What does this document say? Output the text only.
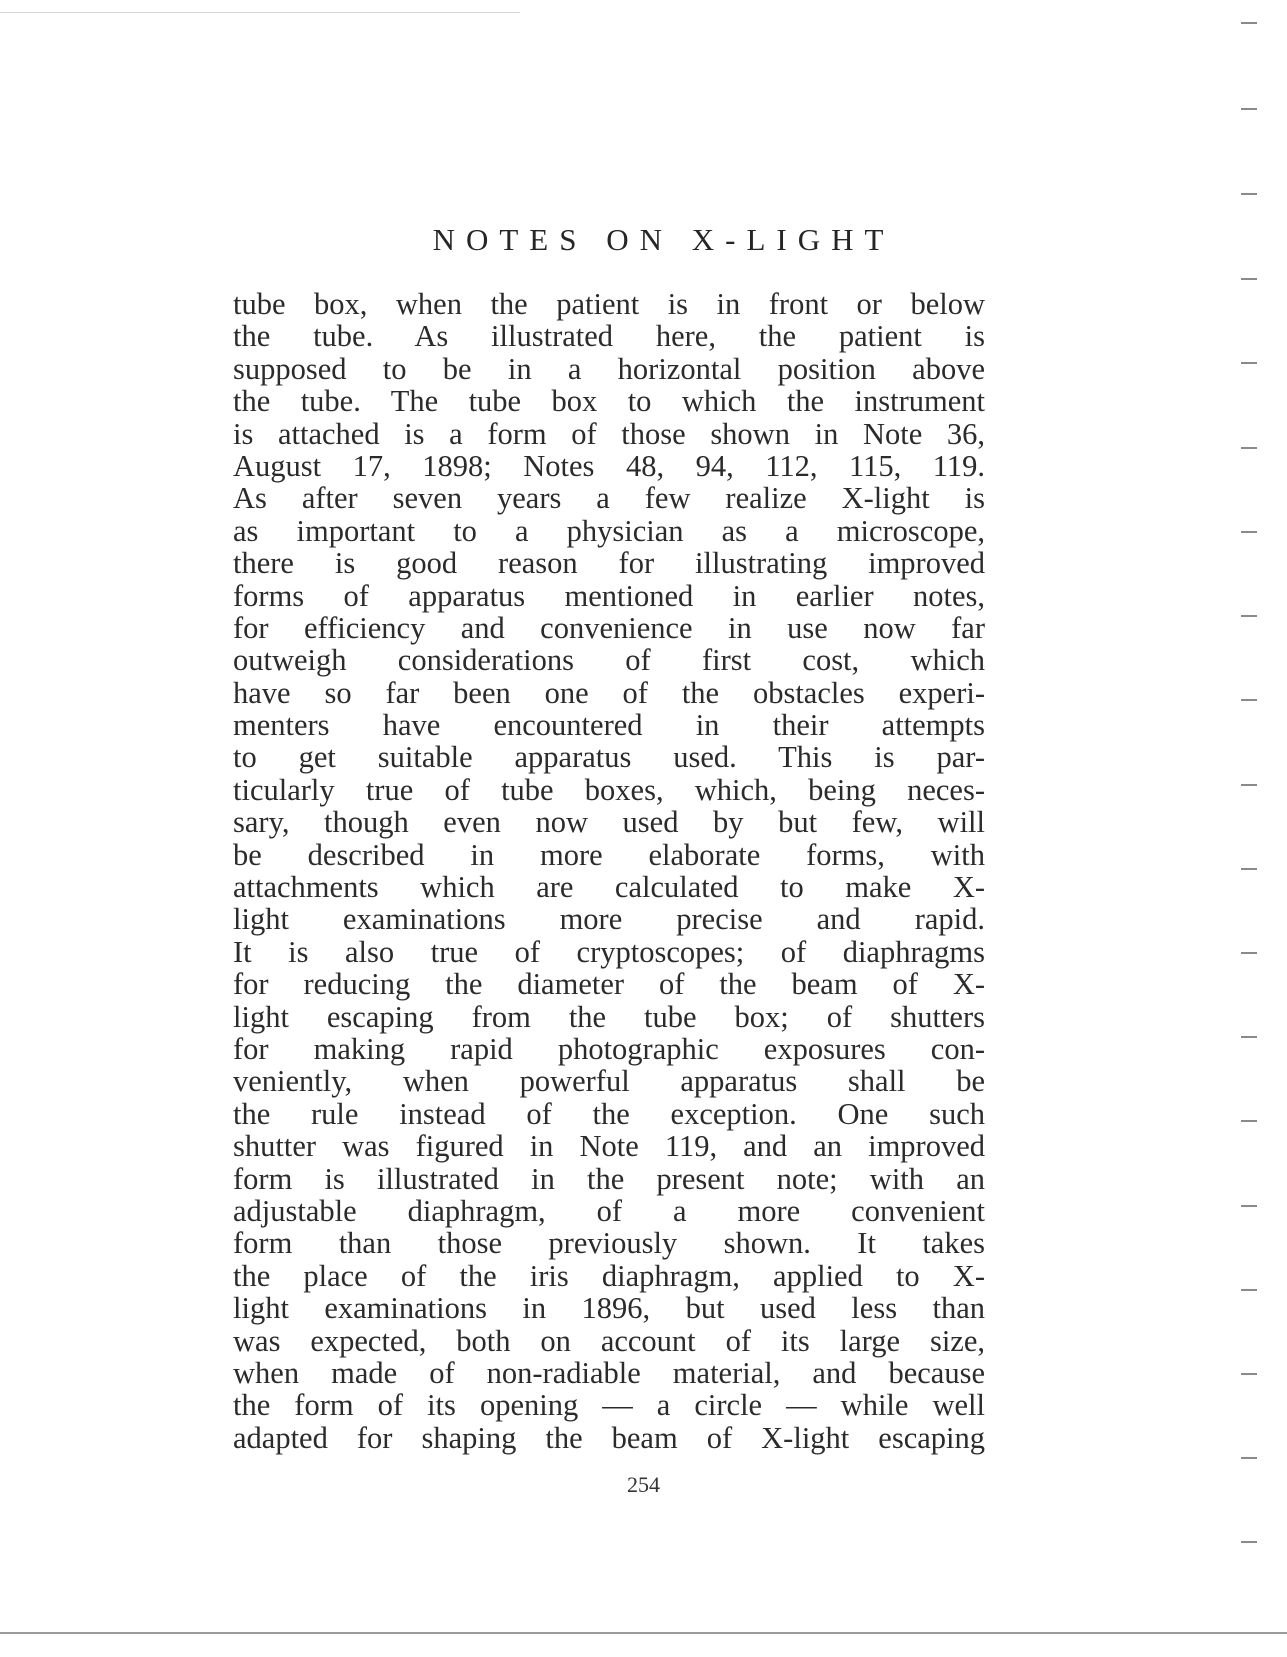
NOTES ON X-LIGHT
tube box, when the patient is in front or below
the tube. As illustrated here, the patient is
supposed to be in a horizontal position above
the tube. The tube box to which the instrument
is attached is a form of those shown in Note 36,
August 17, 1898; Notes 48, 94, 112, 115, 119.
As after seven years a few realize X-light is
as important to a physician as a microscope,
there is good reason for illustrating improved
forms of apparatus mentioned in earlier notes,
for efficiency and convenience in use now far
outweigh considerations of first cost, which
have so far been one of the obstacles experi-
menters have encountered in their attempts
to get suitable apparatus used. This is par-
ticularly true of tube boxes, which, being neces-
sary, though even now used by but few, will
be described in more elaborate forms, with
attachments which are calculated to make X-
light examinations more precise and rapid.
It is also true of cryptoscopes; of diaphragms
for reducing the diameter of the beam of X-
light escaping from the tube box; of shutters
for making rapid photographic exposures con-
veniently, when powerful apparatus shall be
the rule instead of the exception. One such
shutter was figured in Note 119, and an improved
form is illustrated in the present note; with an
adjustable diaphragm, of a more convenient
form than those previously shown. It takes
the place of the iris diaphragm, applied to X-
light examinations in 1896, but used less than
was expected, both on account of its large size,
when made of non-radiable material, and because
the form of its opening — a circle — while well
adapted for shaping the beam of X-light escaping
254
